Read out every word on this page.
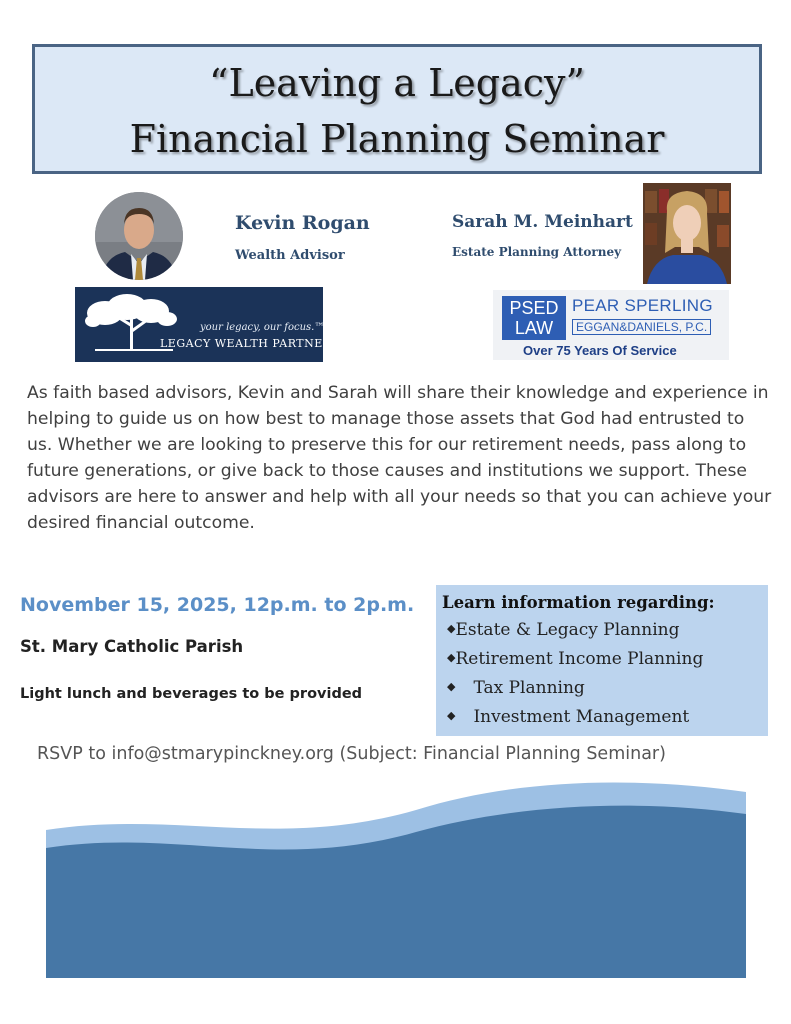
“Leaving a Legacy”
Financial Planning Seminar
Kevin Rogan
Wealth Advisor
Sarah M. Meinhart
Estate Planning Attorney
your legacy, our focus.™
LEGACY WEALTH PARTNERS
PSED
LAW
PEAR SPERLING
EGGAN&DANIELS, P.C.
Over 75 Years Of Service

As faith based advisors, Kevin and Sarah will share their knowledge and experience in helping to guide us on how best to manage those assets that God had entrusted to us. Whether we are looking to preserve this for our retirement needs, pass along to future generations, or give back to those causes and institutions we support. These advisors are here to answer and help with all your needs so that you can achieve your desired financial outcome.

November 15, 2025, 12p.m. to 2p.m.
St. Mary Catholic Parish
Light lunch and beverages to be provided
Learn information regarding:
◆Estate & Legacy Planning
◆Retirement Income Planning
◆ Tax Planning
◆ Investment Management
RSVP to info@stmarypinckney.org (Subject: Financial Planning Seminar)
